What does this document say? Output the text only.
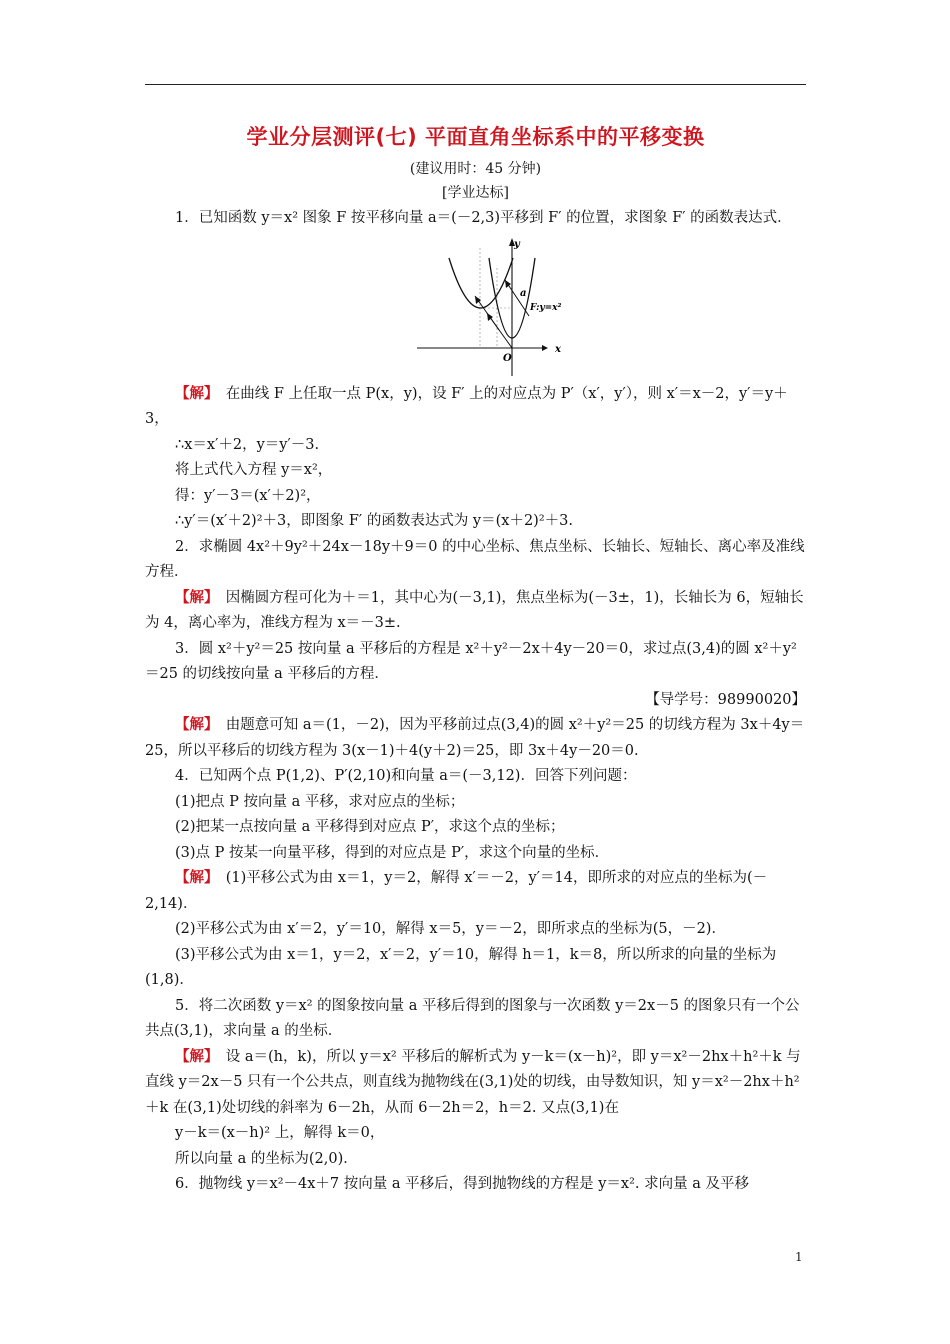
学业分层测评(七) 平面直角坐标系中的平移变换
(建议用时：45 分钟)
[学业达标]

1．已知函数 y＝x² 图象 F 按平移向量 a＝(－2,3)平移到 F′ 的位置，求图象 F′ 的函数表达式．

y
x
O
a
F:y=x²

【解】　 在曲线 F 上任取一点 P(x，y)，设 F′ 上的对应点为 P′（x′，y′），则 x′＝x－2，y′＝y＋3，

∴x＝x′＋2，y＝y′－3.

将上式代入方程 y＝x²，

得：y′－3＝(x′＋2)²，

∴y′＝(x′＋2)²＋3，即图象 F′ 的函数表达式为 y＝(x＋2)²＋3.

2．求椭圆 4x²＋9y²＋24x－18y＋9＝0 的中心坐标、焦点坐标、长轴长、短轴长、离心率及准线方程．

【解】　 因椭圆方程可化为＋＝1，其中心为(－3,1)，焦点坐标为(－3±，1)，长轴长为 6，短轴长为 4，离心率为，准线方程为 x＝－3±.

3．圆 x²＋y²＝25 按向量 a 平移后的方程是 x²＋y²－2x＋4y－20＝0，求过点(3,4)的圆 x²＋y²＝25 的切线按向量 a 平移后的方程．

【导学号：98990020】

【解】　 由题意可知 a＝(1，－2)，因为平移前过点(3,4)的圆 x²＋y²＝25 的切线方程为 3x＋4y＝25，所以平移后的切线方程为 3(x－1)＋4(y＋2)＝25，即 3x＋4y－20＝0.

4．已知两个点 P(1,2)、P′(2,10)和向量 a＝(－3,12)．回答下列问题：

(1)把点 P 按向量 a 平移，求对应点的坐标；

(2)把某一点按向量 a 平移得到对应点 P′，求这个点的坐标；

(3)点 P 按某一向量平移，得到的对应点是 P′，求这个向量的坐标．

【解】　 (1)平移公式为由 x＝1，y＝2，解得 x′＝－2，y′＝14，即所求的对应点的坐标为(－2,14)．

(2)平移公式为由 x′＝2，y′＝10，解得 x＝5，y＝－2，即所求点的坐标为(5，－2)．

(3)平移公式为由 x＝1，y＝2，x′＝2，y′＝10，解得 h＝1，k＝8，所以所求的向量的坐标为(1,8)．

5．将二次函数 y＝x² 的图象按向量 a 平移后得到的图象与一次函数 y＝2x－5 的图象只有一个公共点(3,1)，求向量 a 的坐标．

【解】　 设 a＝(h，k)，所以 y＝x² 平移后的解析式为 y－k＝(x－h)²，即 y＝x²－2hx＋h²＋k 与直线 y＝2x－5 只有一个公共点，则直线为抛物线在(3,1)处的切线，由导数知识，知 y＝x²－2hx＋h²＋k 在(3,1)处切线的斜率为 6－2h，从而 6－2h＝2，h＝2. 又点(3,1)在

y－k＝(x－h)² 上，解得 k＝0，

所以向量 a 的坐标为(2,0)．

6．抛物线 y＝x²－4x＋7 按向量 a 平移后，得到抛物线的方程是 y＝x². 求向量 a 及平移

1
